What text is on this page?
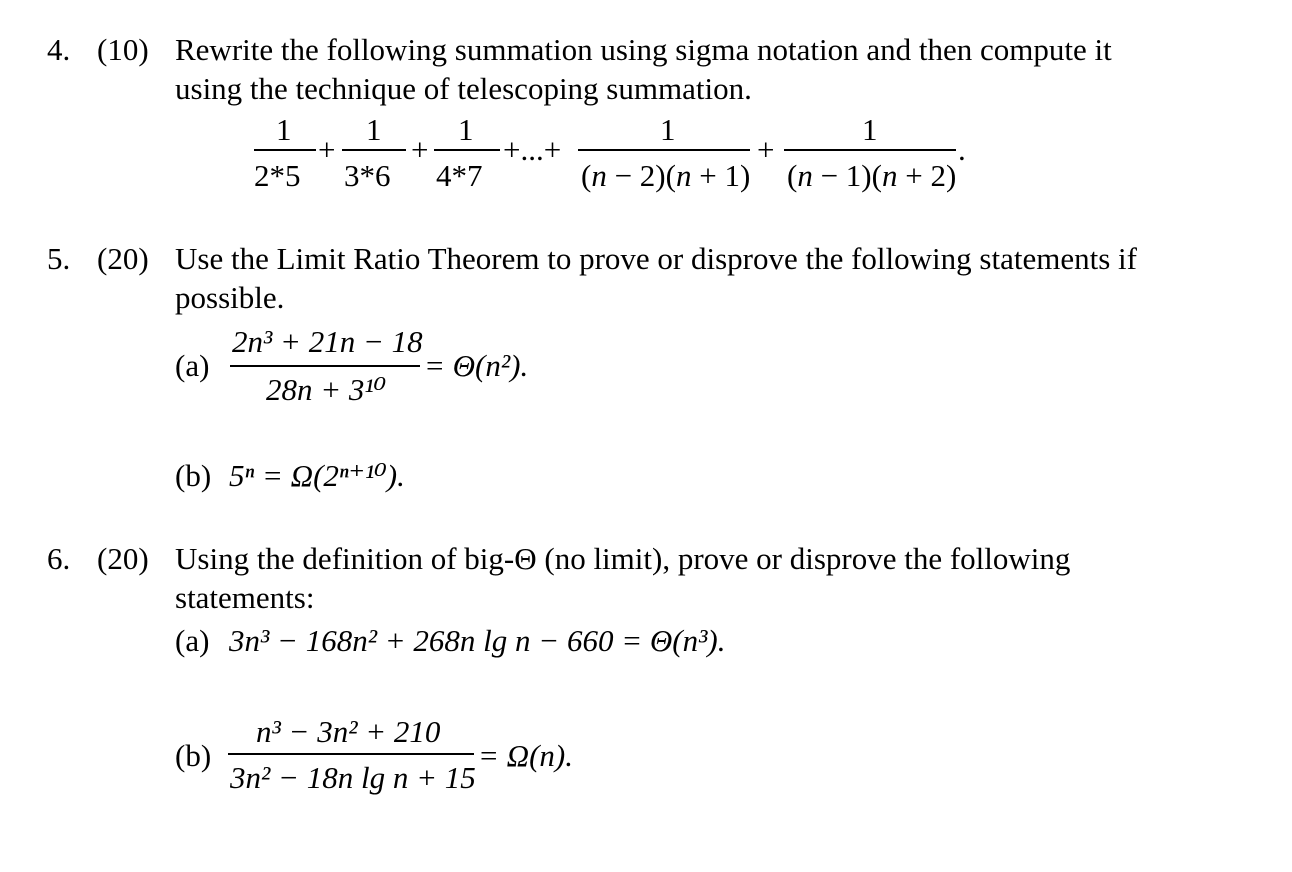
4. (10) Rewrite the following summation using sigma notation and then compute it
using the technique of telescoping summation.
1
2*5
+
1
3*6
+
1
4*7
+...+
1
(n − 2)(n + 1)
+
1
(n − 1)(n + 2)
.
5. (20) Use the Limit Ratio Theorem to prove or disprove the following statements if
possible.
(a)
2n³ + 21n − 18
28n + 3¹⁰
= Θ(n²).
(b) 5ⁿ = Ω(2ⁿ⁺¹⁰).
6. (20) Using the definition of big-Θ (no limit), prove or disprove the following
statements:
(a) 3n³ − 168n² + 268n lg n − 660 = Θ(n³).
(b)
n³ − 3n² + 210
3n² − 18n lg n + 15
= Ω(n).
